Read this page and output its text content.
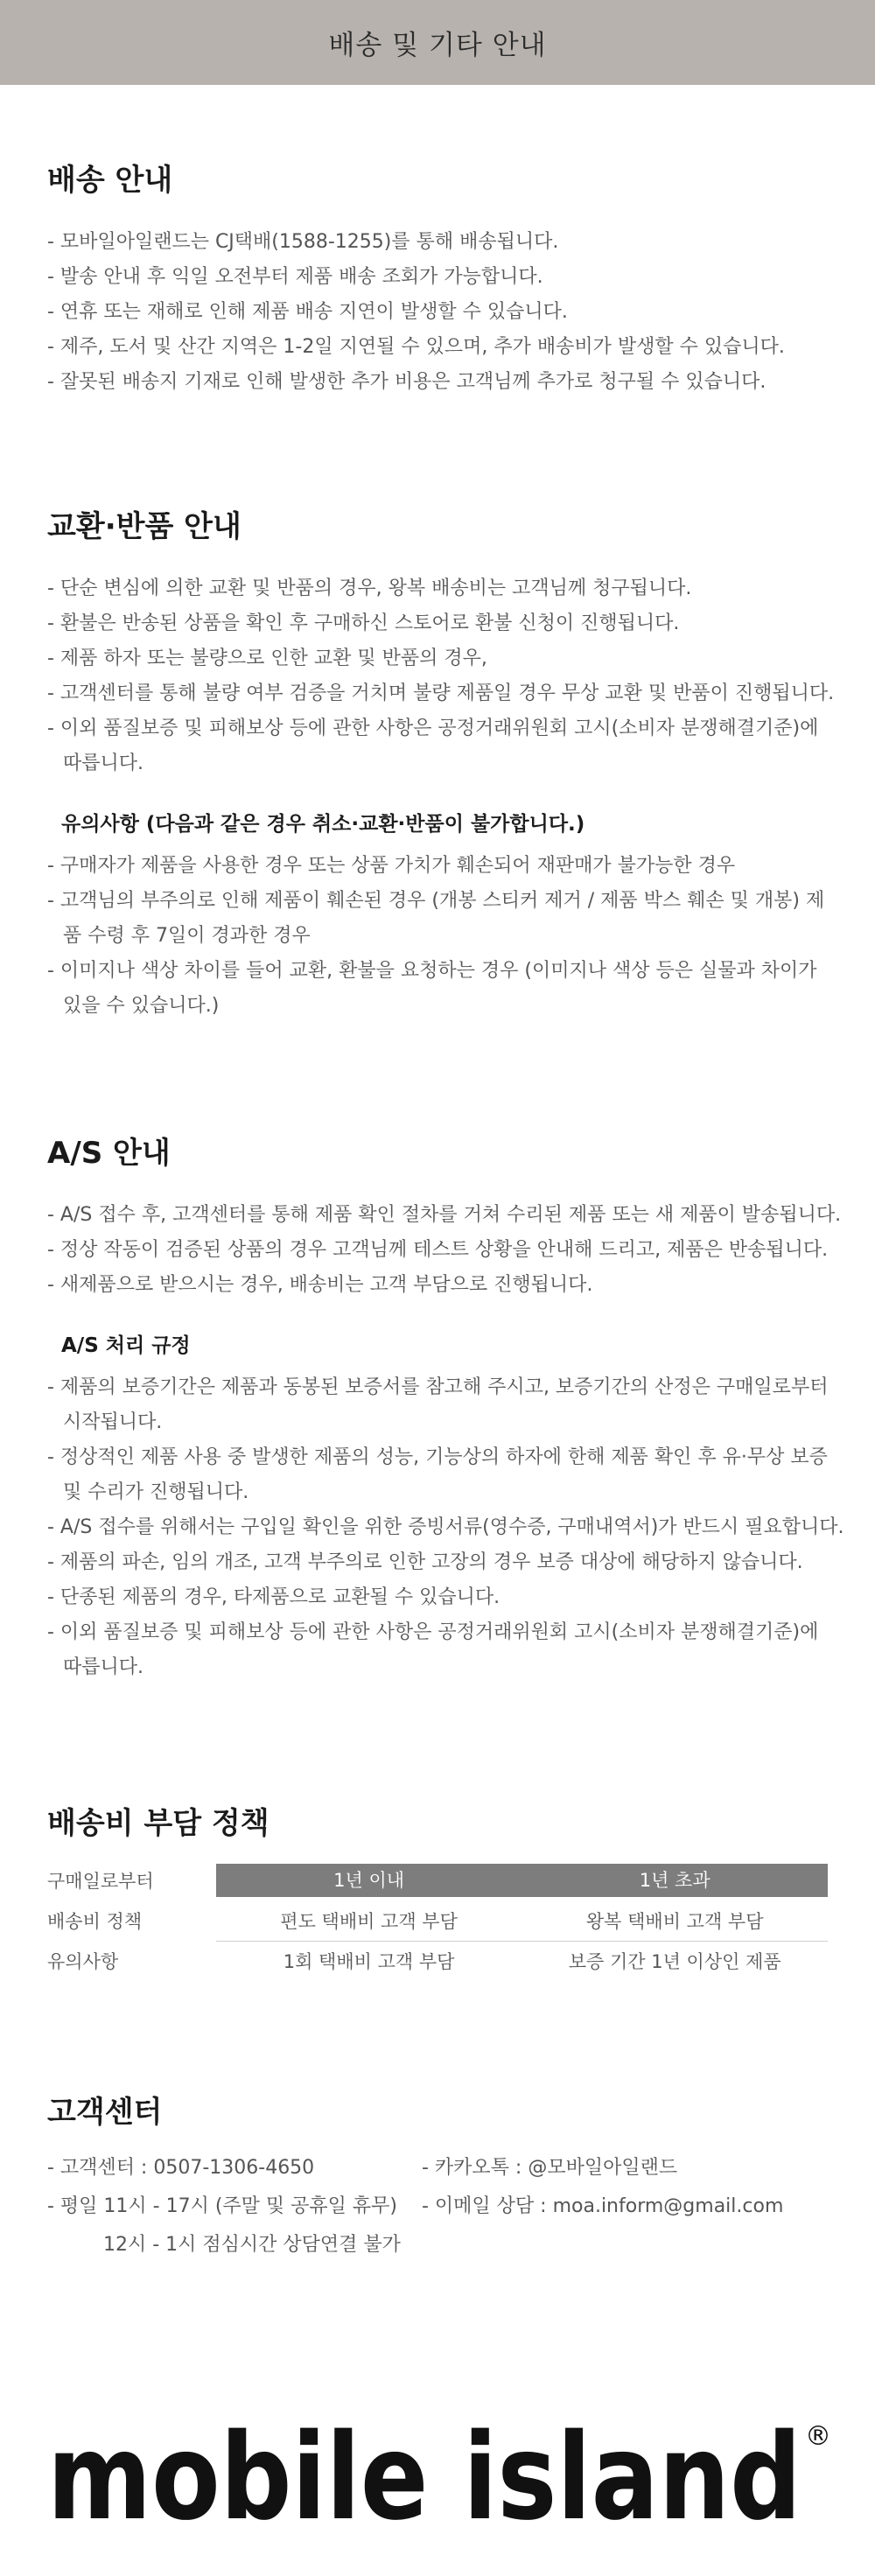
배송 및 기타 안내
배송 안내
- 모바일아일랜드는 CJ택배(1588-1255)를 통해 배송됩니다.
- 발송 안내 후 익일 오전부터 제품 배송 조회가 가능합니다.
- 연휴 또는 재해로 인해 제품 배송 지연이 발생할 수 있습니다.
- 제주, 도서 및 산간 지역은 1-2일 지연될 수 있으며, 추가 배송비가 발생할 수 있습니다.
- 잘못된 배송지 기재로 인해 발생한 추가 비용은 고객님께 추가로 청구될 수 있습니다.
교환·반품 안내
- 단순 변심에 의한 교환 및 반품의 경우, 왕복 배송비는 고객님께 청구됩니다.
- 환불은 반송된 상품을 확인 후 구매하신 스토어로 환불 신청이 진행됩니다.
- 제품 하자 또는 불량으로 인한 교환 및 반품의 경우,
- 고객센터를 통해 불량 여부 검증을 거치며 불량 제품일 경우 무상 교환 및 반품이 진행됩니다.
- 이외 품질보증 및 피해보상 등에 관한 사항은 공정거래위원회 고시(소비자 분쟁해결기준)에 따릅니다.
유의사항 (다음과 같은 경우 취소·교환·반품이 불가합니다.)
- 구매자가 제품을 사용한 경우 또는 상품 가치가 훼손되어 재판매가 불가능한 경우
- 고객님의 부주의로 인해 제품이 훼손된 경우 (개봉 스티커 제거 / 제품 박스 훼손 및 개봉) 제품 수령 후 7일이 경과한 경우
- 이미지나 색상 차이를 들어 교환, 환불을 요청하는 경우 (이미지나 색상 등은 실물과 차이가 있을 수 있습니다.)
A/S 안내
- A/S 접수 후, 고객센터를 통해 제품 확인 절차를 거쳐 수리된 제품 또는 새 제품이 발송됩니다.
- 정상 작동이 검증된 상품의 경우 고객님께 테스트 상황을 안내해 드리고, 제품은 반송됩니다.
- 새제품으로 받으시는 경우, 배송비는 고객 부담으로 진행됩니다.
A/S 처리 규정
- 제품의 보증기간은 제품과 동봉된 보증서를 참고해 주시고, 보증기간의 산정은 구매일로부터 시작됩니다.
- 정상적인 제품 사용 중 발생한 제품의 성능, 기능상의 하자에 한해 제품 확인 후 유·무상 보증 및 수리가 진행됩니다.
- A/S 접수를 위해서는 구입일 확인을 위한 증빙서류(영수증, 구매내역서)가 반드시 필요합니다.
- 제품의 파손, 임의 개조, 고객 부주의로 인한 고장의 경우 보증 대상에 해당하지 않습니다.
- 단종된 제품의 경우, 타제품으로 교환될 수 있습니다.
- 이외 품질보증 및 피해보상 등에 관한 사항은 공정거래위원회 고시(소비자 분쟁해결기준)에 따릅니다.
배송비 부담 정책
구매일로부터	1년 이내	1년 초과
배송비 정책	편도 택배비 고객 부담	왕복 택배비 고객 부담
유의사항	1회 택배비 고객 부담	보증 기간 1년 이상인 제품
고객센터
- 고객센터 : 0507-1306-4650
- 평일 11시 - 17시 (주말 및 공휴일 휴무)
12시 - 1시 점심시간 상담연결 불가
- 카카오톡 : @모바일아일랜드
- 이메일 상담 : moa.inform@gmail.com
mobile island ®
